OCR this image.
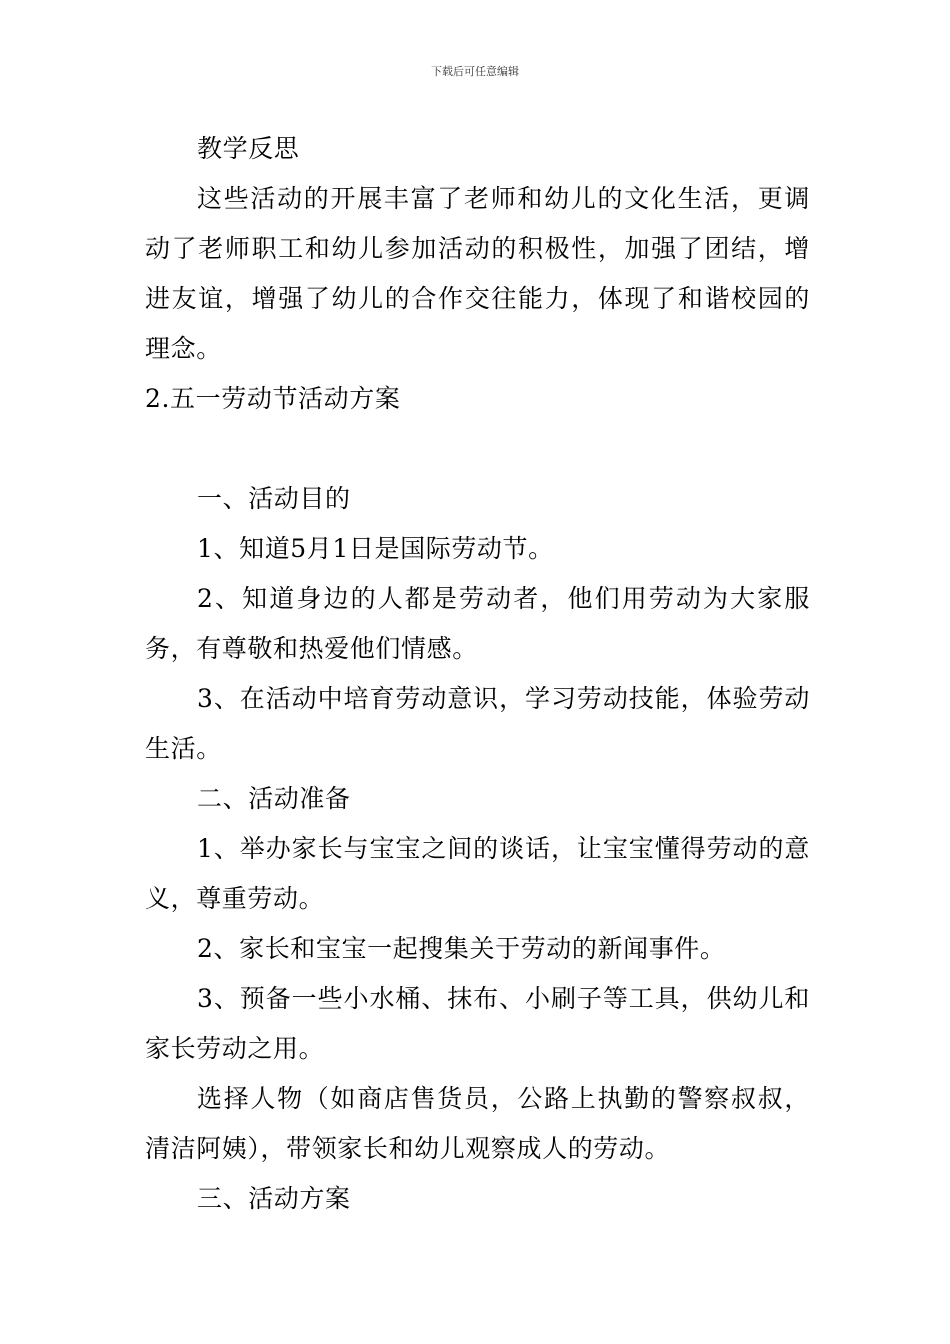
下载后可任意编辑

教学反思

这些活动的开展丰富了老师和幼儿的文化生活，更调动了老师职工和幼儿参加活动的积极性，加强了团结，增进友谊，增强了幼儿的合作交往能力，体现了和谐校园的理念。

2.五一劳动节活动方案

一、活动目的

1、知道5月1日是国际劳动节。

2、知道身边的人都是劳动者，他们用劳动为大家服务，有尊敬和热爱他们情感。

3、在活动中培育劳动意识，学习劳动技能，体验劳动生活。

二、活动准备

1、举办家长与宝宝之间的谈话，让宝宝懂得劳动的意义，尊重劳动。

2、家长和宝宝一起搜集关于劳动的新闻事件。

3、预备一些小水桶、抹布、小刷子等工具，供幼儿和家长劳动之用。

选择人物（如商店售货员，公路上执勤的警察叔叔，清洁阿姨），带领家长和幼儿观察成人的劳动。

三、活动方案
